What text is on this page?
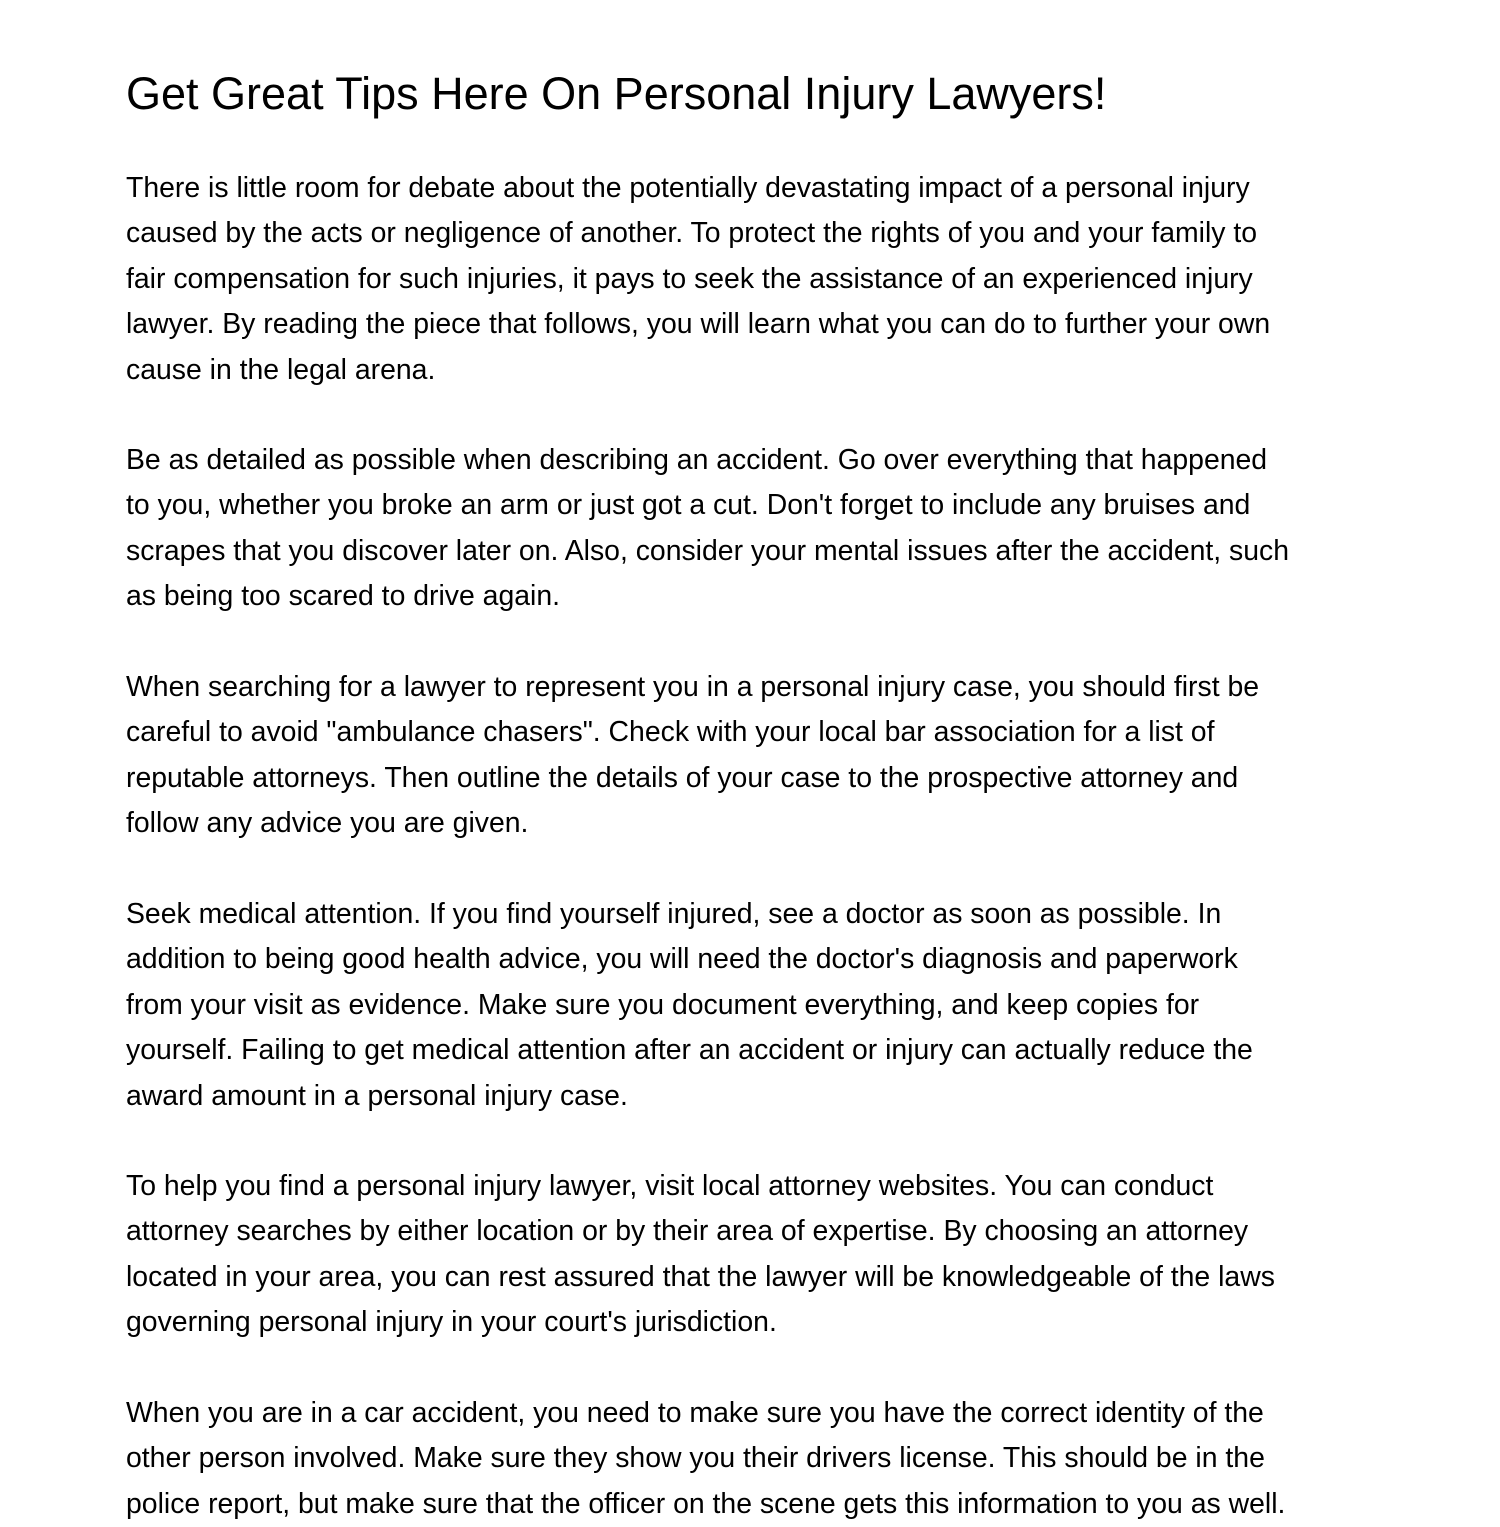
Get Great Tips Here On Personal Injury Lawyers!

There is little room for debate about the potentially devastating impact of a personal injury
caused by the acts or negligence of another. To protect the rights of you and your family to
fair compensation for such injuries, it pays to seek the assistance of an experienced injury
lawyer. By reading the piece that follows, you will learn what you can do to further your own
cause in the legal arena.

Be as detailed as possible when describing an accident. Go over everything that happened
to you, whether you broke an arm or just got a cut. Don't forget to include any bruises and
scrapes that you discover later on. Also, consider your mental issues after the accident, such
as being too scared to drive again.

When searching for a lawyer to represent you in a personal injury case, you should first be
careful to avoid "ambulance chasers". Check with your local bar association for a list of
reputable attorneys. Then outline the details of your case to the prospective attorney and
follow any advice you are given.

Seek medical attention. If you find yourself injured, see a doctor as soon as possible. In
addition to being good health advice, you will need the doctor's diagnosis and paperwork
from your visit as evidence. Make sure you document everything, and keep copies for
yourself. Failing to get medical attention after an accident or injury can actually reduce the
award amount in a personal injury case.

To help you find a personal injury lawyer, visit local attorney websites. You can conduct
attorney searches by either location or by their area of expertise. By choosing an attorney
located in your area, you can rest assured that the lawyer will be knowledgeable of the laws
governing personal injury in your court's jurisdiction.

When you are in a car accident, you need to make sure you have the correct identity of the
other person involved. Make sure they show you their drivers license. This should be in the
police report, but make sure that the officer on the scene gets this information to you as well.
